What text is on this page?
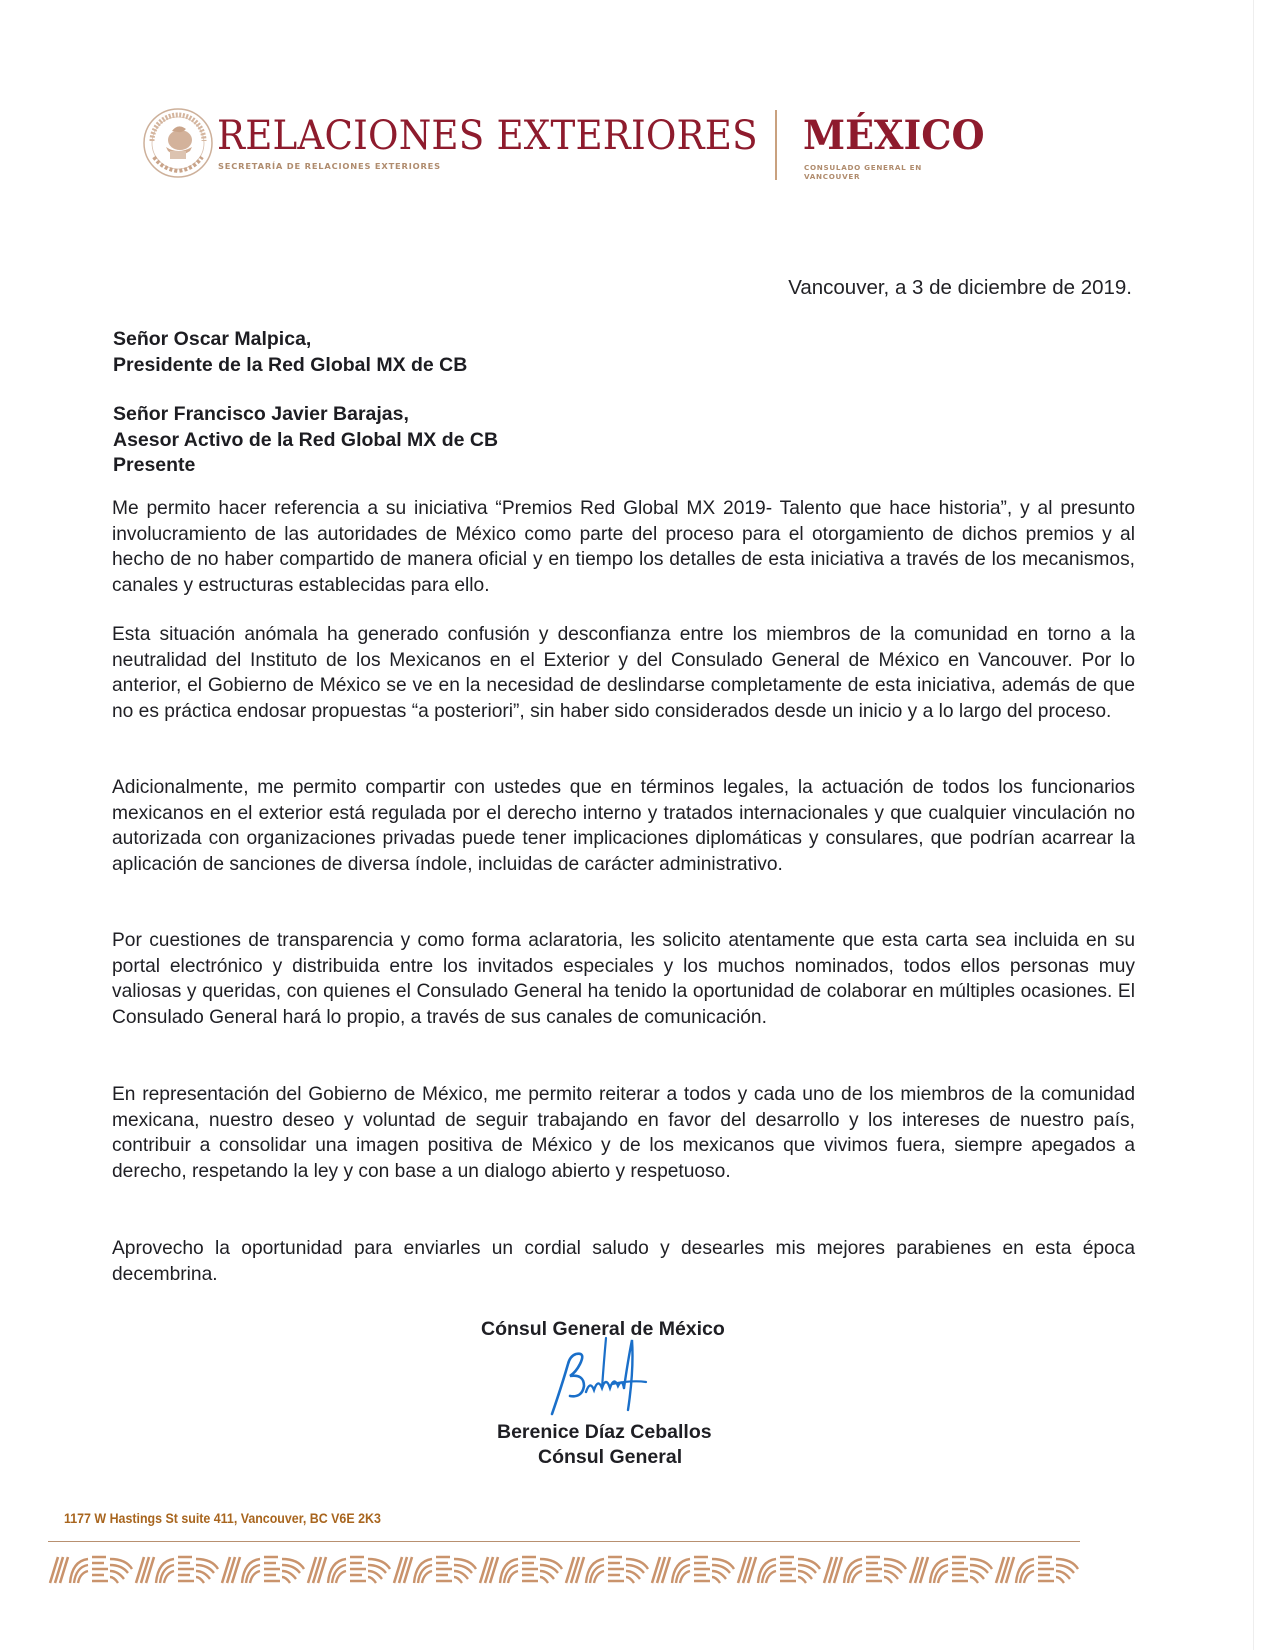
RELACIONES EXTERIORES
SECRETARÍA DE RELACIONES EXTERIORES
MÉXICO
CONSULADO GENERAL EN
VANCOUVER
Vancouver, a 3 de diciembre de 2019.
Señor Oscar Malpica,
Presidente de la Red Global MX de CB
Señor Francisco Javier Barajas,
Asesor Activo de la Red Global MX de CB
Presente

Me permito hacer referencia a su iniciativa “Premios Red Global MX 2019- Talento que hace historia”, y al presunto involucramiento de las autoridades de México como parte del proceso para el otorgamiento de dichos premios y al hecho de no haber compartido de manera oficial y en tiempo los detalles de esta iniciativa a través de los mecanismos, canales y estructuras establecidas para ello.

Esta situación anómala ha generado confusión y desconfianza entre los miembros de la comunidad en torno a la neutralidad del Instituto de los Mexicanos en el Exterior y del Consulado General de México en Vancouver. Por lo anterior, el Gobierno de México se ve en la necesidad de deslindarse completamente de esta iniciativa, además de que no es práctica endosar propuestas “a posteriori”, sin haber sido considerados desde un inicio y a lo largo del proceso.

Adicionalmente, me permito compartir con ustedes que en términos legales, la actuación de todos los funcionarios mexicanos en el exterior está regulada por el derecho interno y tratados internacionales y que cualquier vinculación no autorizada con organizaciones privadas puede tener implicaciones diplomáticas y consulares, que podrían acarrear la aplicación de sanciones de diversa índole, incluidas de carácter administrativo.

Por cuestiones de transparencia y como forma aclaratoria, les solicito atentamente que esta carta sea incluida en su portal electrónico y distribuida entre los invitados especiales y los muchos nominados, todos ellos personas muy valiosas y queridas, con quienes el Consulado General ha tenido la oportunidad de colaborar en múltiples ocasiones. El Consulado General hará lo propio, a través de sus canales de comunicación.

En representación del Gobierno de México, me permito reiterar a todos y cada uno de los miembros de la comunidad mexicana, nuestro deseo y voluntad de seguir trabajando en favor del desarrollo y los intereses de nuestro país, contribuir a consolidar una imagen positiva de México y de los mexicanos que vivimos fuera, siempre apegados a derecho, respetando la ley y con base a un dialogo abierto y respetuoso.

Aprovecho la oportunidad para enviarles un cordial saludo y desearles mis mejores parabienes en esta época decembrina.

Cónsul General de México
Berenice Díaz Ceballos
Cónsul General
1177 W Hastings St suite 411, Vancouver, BC V6E 2K3
